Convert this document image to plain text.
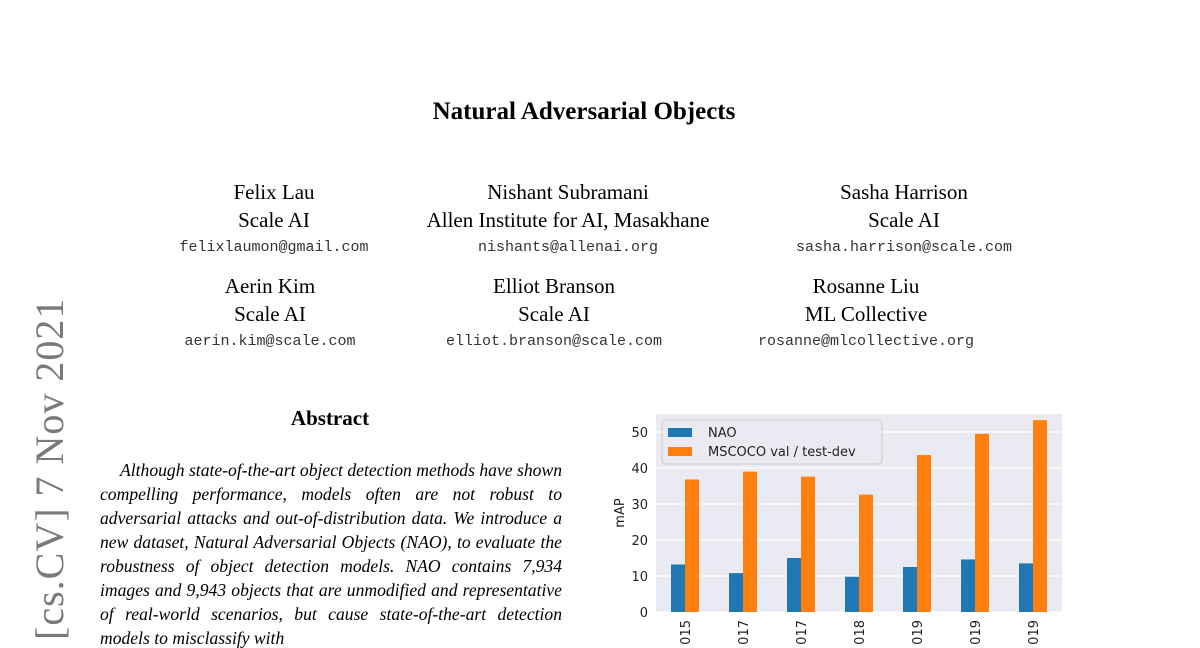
Natural Adversarial Objects
Felix Lau
Scale AI
felixlaumon@gmail.com
Nishant Subramani
Allen Institute for AI, Masakhane
nishants@allenai.org
Sasha Harrison
Scale AI
sasha.harrison@scale.com
Aerin Kim
Scale AI
aerin.kim@scale.com
Elliot Branson
Scale AI
elliot.branson@scale.com
Rosanne Liu
ML Collective
rosanne@mlcollective.org
[cs.CV] 7 Nov 2021	Abstract
Although state-of-the-art object detection methods have shown compelling performance, models often are not robust to adversarial attacks and out-of-distribution data. We introduce a new dataset, Natural Adversarial Objects (NAO), to evaluate the robustness of object detection models. NAO contains 7,934 images and 9,943 objects that are unmodified and representative of real-world scenarios, but cause state-of-the-art detection models to misclassify with
0
10
20
30
40
50
015	017	017	018	019	019	019
mAP
NAO
MSCOCO val / test-dev
